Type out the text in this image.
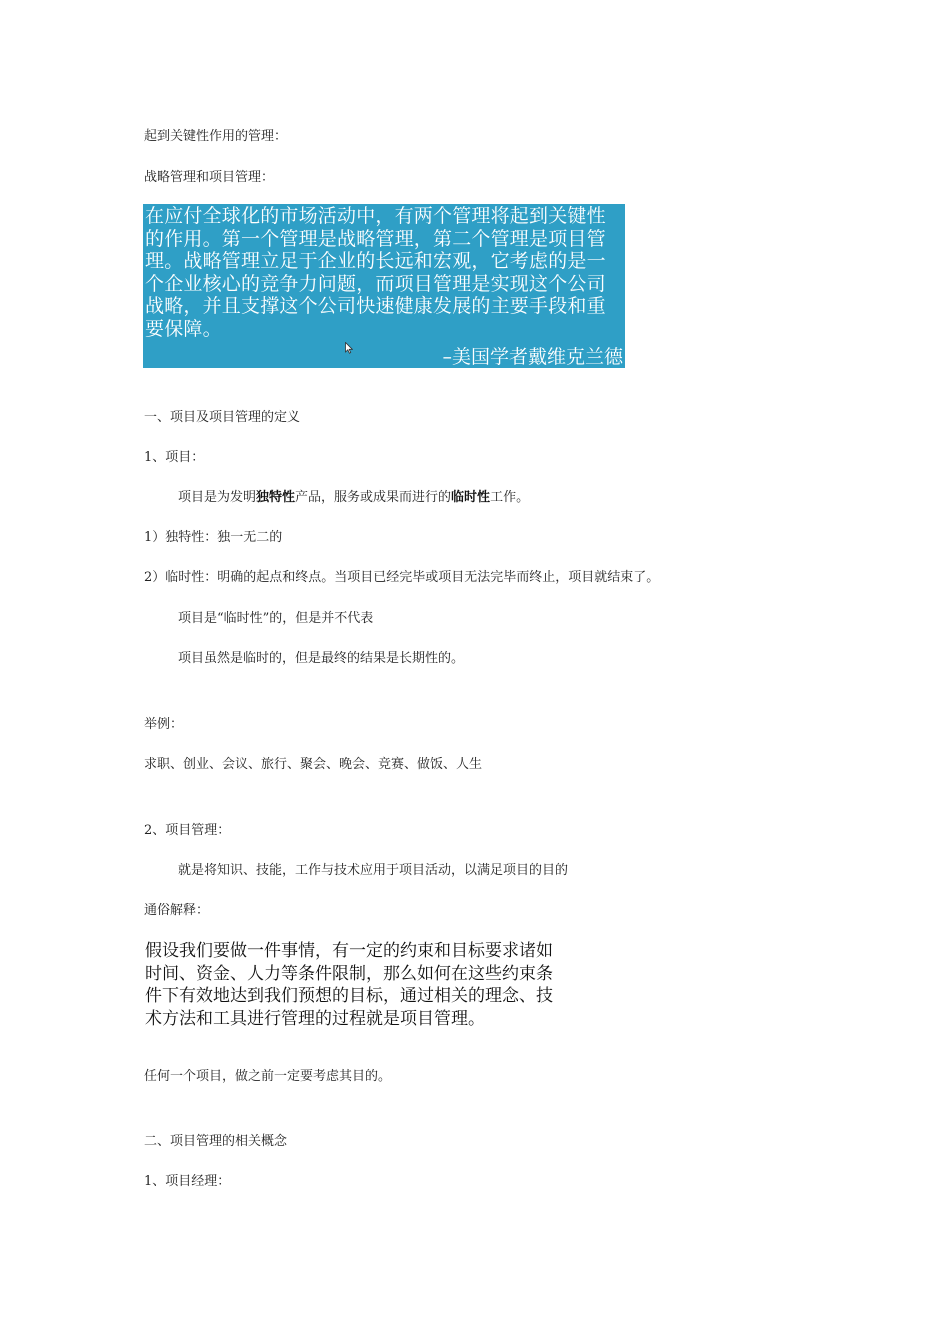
起到关键性作用的管理：
战略管理和项目管理：
在应付全球化的市场活动中，有两个管理将起到关键性的作用。第一个管理是战略管理，第二个管理是项目管理。战略管理立足于企业的长远和宏观，它考虑的是一个企业核心的竞争力问题，而项目管理是实现这个公司战略，并且支撑这个公司快速健康发展的主要手段和重要保障。
–美国学者戴维克兰德
一、项目及项目管理的定义
1、项目：
项目是为发明独特性产品，服务或成果而进行的临时性工作。
1）独特性：独一无二的
2）临时性：明确的起点和终点。当项目已经完毕或项目无法完毕而终止，项目就结束了。
项目是“临时性”的，但是并不代表
项目虽然是临时的，但是最终的结果是长期性的。
举例：
求职、创业、会议、旅行、聚会、晚会、竞赛、做饭、人生
2、项目管理：
就是将知识、技能，工作与技术应用于项目活动，以满足项目的目的
通俗解释：
假设我们要做一件事情，有一定的约束和目标要求诸如时间、资金、人力等条件限制，那么如何在这些约束条件下有效地达到我们预想的目标，通过相关的理念、技术方法和工具进行管理的过程就是项目管理。
任何一个项目，做之前一定要考虑其目的。
二、项目管理的相关概念
1、项目经理：
